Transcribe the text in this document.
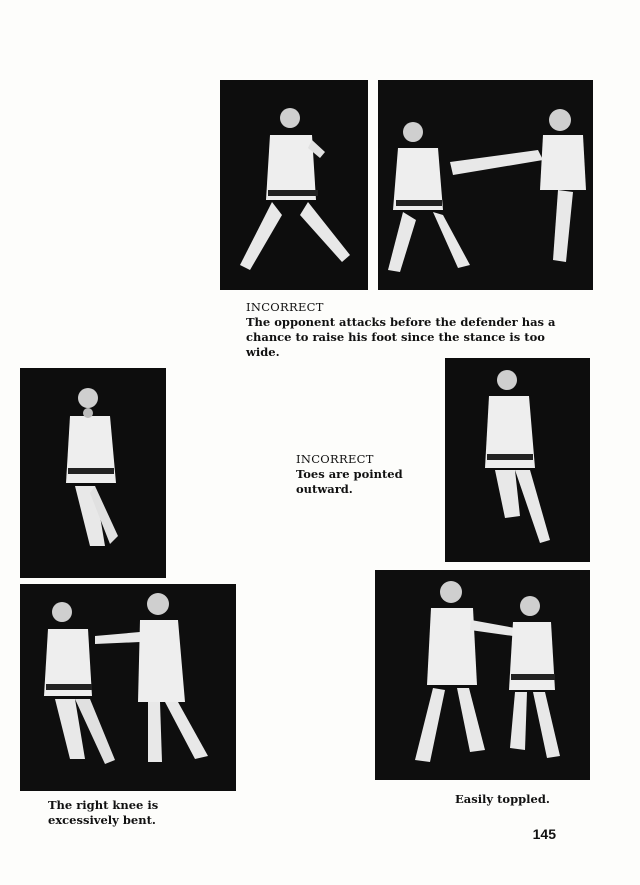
INCORRECT
The opponent attacks before the defender has a chance to raise his foot since the stance is too wide.
INCORRECT
Toes are pointed outward.
The right knee is excessively bent.
Easily toppled.
145
